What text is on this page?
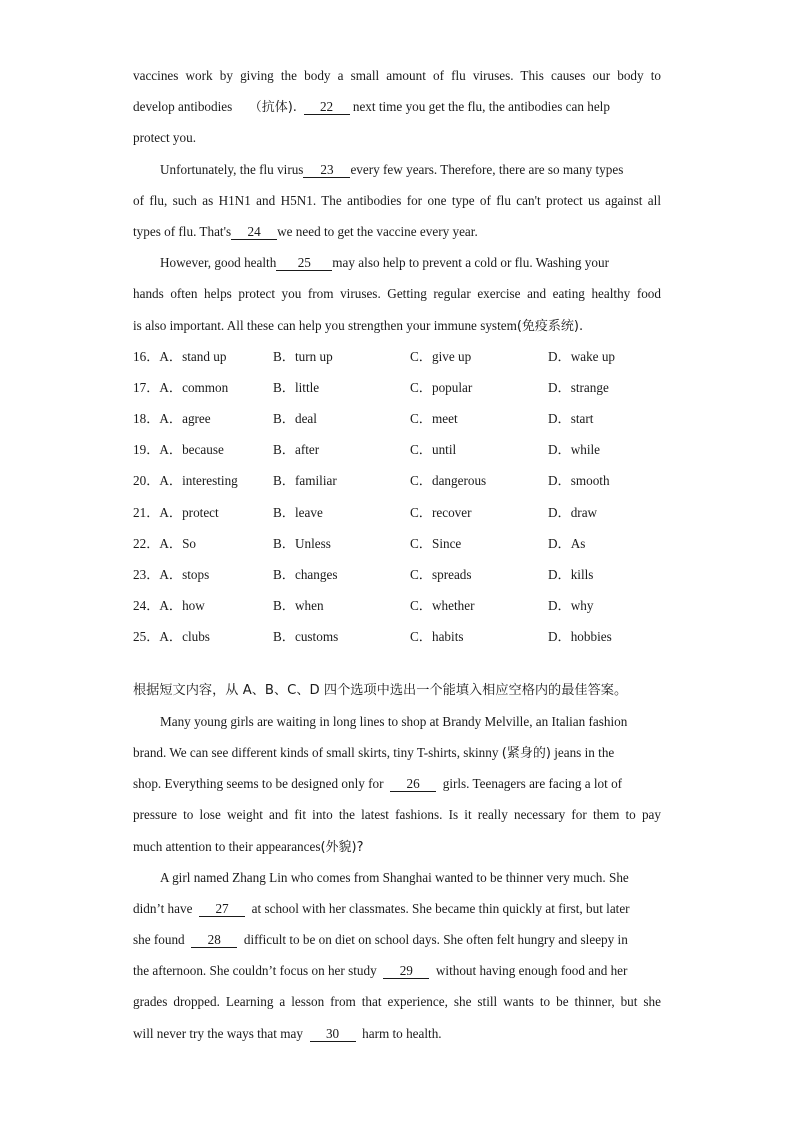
vaccines work by giving the body a small amount of flu viruses. This causes our body to
develop antibodies （抗体). 22 next time you get the flu, the antibodies can help
protect you.
Unfortunately, the flu virus 23 every few years. Therefore, there are so many types
of flu, such as H1N1 and H5N1. The antibodies for one type of flu can't protect us against all
types of flu. That's 24 we need to get the vaccine every year.
However, good health 25 may also help to prevent a cold or flu. Washing your
hands often helps protect you from viruses. Getting regular exercise and eating healthy food
is also important. All these can help you strengthen your immune system(免疫系统).
16．A．stand up	B．turn up	C．give up	D．wake up
17．A．common	B．little	C．popular	D．strange
18．A．agree	B．deal	C．meet	D．start
19．A．because	B．after	C．until	D．while
20．A．interesting	B．familiar	C．dangerous	D．smooth
21．A．protect	B．leave	C．recover	D．draw
22．A．So	B．Unless	C．Since	D．As
23．A．stops	B．changes	C．spreads	D．kills
24．A．how	B．when	C．whether	D．why
25．A．clubs	B．customs	C．habits	D．hobbies
根据短文内容，从 A、B、C、D 四个选项中选出一个能填入相应空格内的最佳答案。
Many young girls are waiting in long lines to shop at Brandy Melville, an Italian fashion
brand. We can see different kinds of small skirts, tiny T-shirts, skinny (紧身的) jeans in the
shop. Everything seems to be designed only for 26 girls. Teenagers are facing a lot of
pressure to lose weight and fit into the latest fashions. Is it really necessary for them to pay
much attention to their appearances(外貌)?
A girl named Zhang Lin who comes from Shanghai wanted to be thinner very much. She
didn’t have 27 at school with her classmates. She became thin quickly at first, but later
she found 28 difficult to be on diet on school days. She often felt hungry and sleepy in
the afternoon. She couldn’t focus on her study 29 without having enough food and her
grades dropped. Learning a lesson from that experience, she still wants to be thinner, but she
will never try the ways that may 30 harm to health.
